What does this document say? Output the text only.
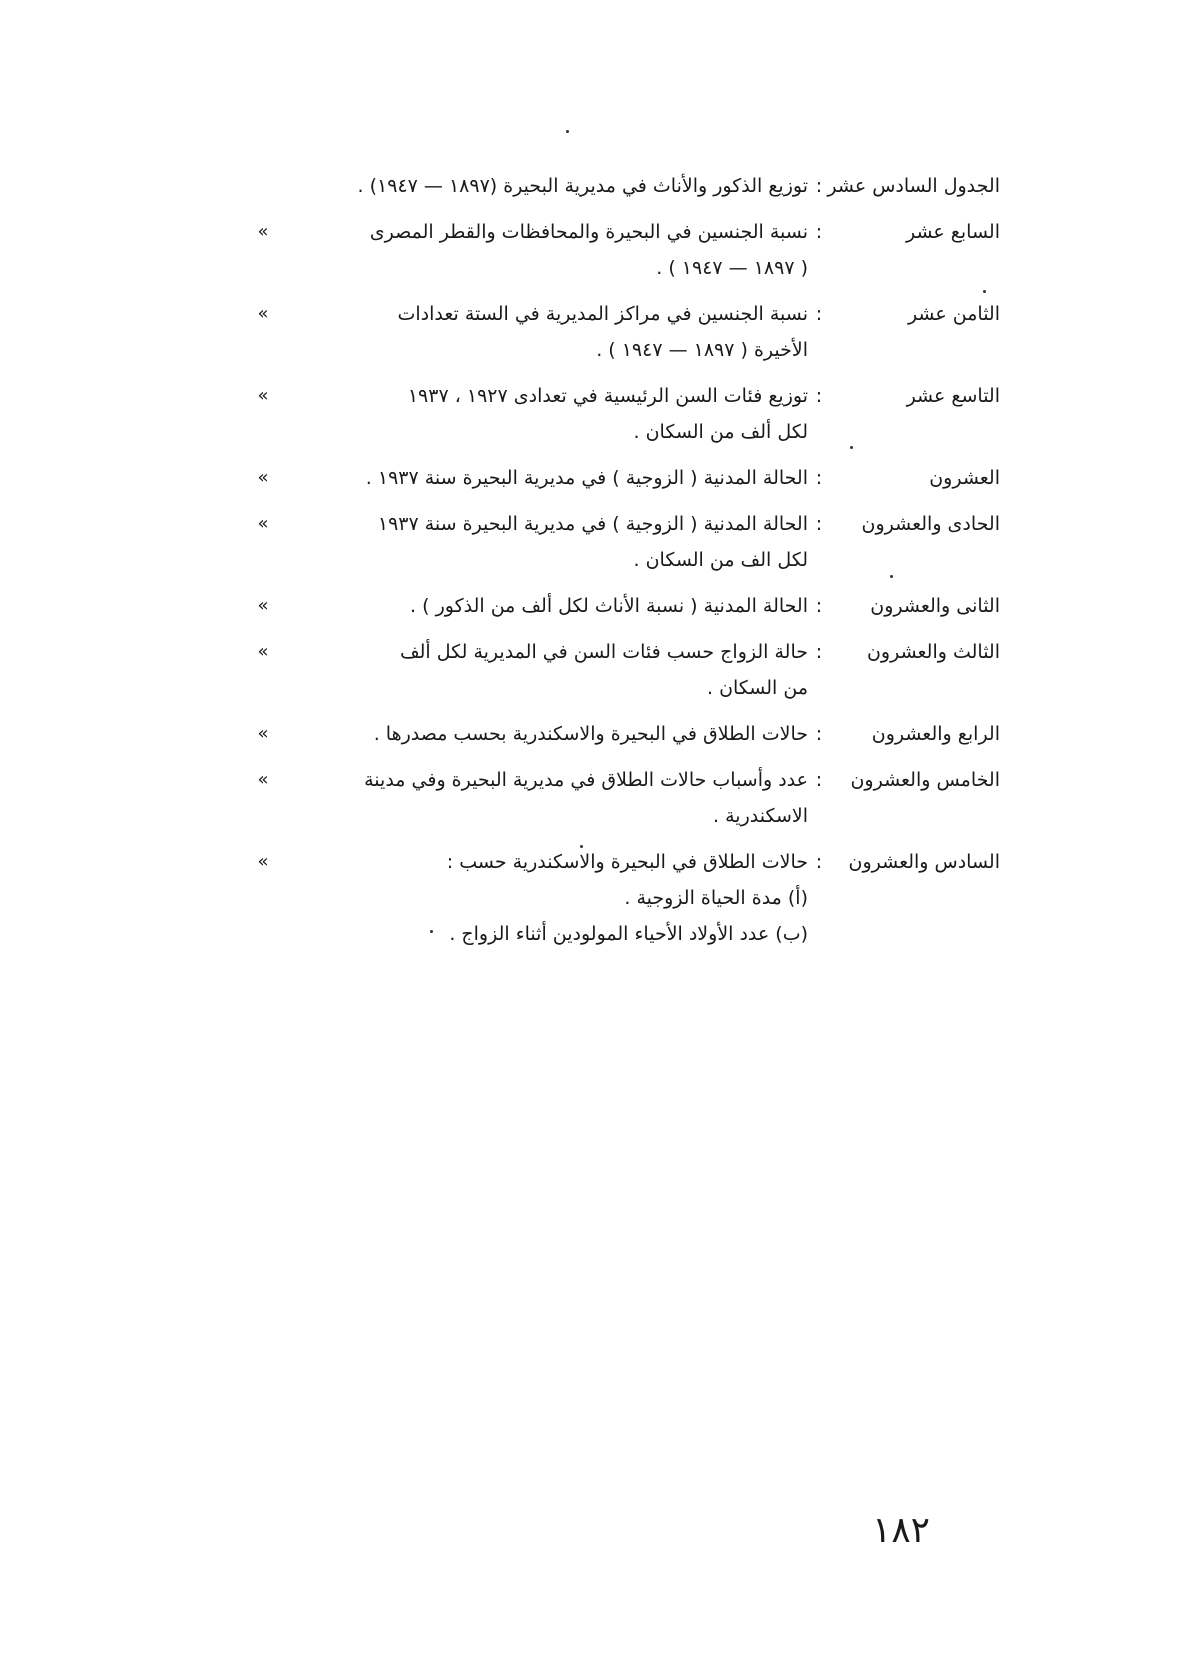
الجدول السادس عشر
:
توزيع الذكور والأناث في مديرية البحيرة (١٨٩٧ — ١٩٤٧) .
السابع عشر
:
نسبة الجنسين في البحيرة والمحافظات والقطر المصرى
( ١٨٩٧ — ١٩٤٧ ) .
»
الثامن عشر
:
نسبة الجنسين في مراكز المديرية في الستة تعدادات
الأخيرة ( ١٨٩٧ — ١٩٤٧ ) .
»
التاسع عشر
:
توزيع فئات السن الرئيسية في تعدادى ١٩٢٧ ، ١٩٣٧
لكل ألف من السكان .
»
العشرون
:
الحالة المدنية ( الزوجية ) في مديرية البحيرة سنة ١٩٣٧ .
»
الحادى والعشرون
:
الحالة المدنية ( الزوجية ) في مديرية البحيرة سنة ١٩٣٧
لكل الف من السكان .
»
الثانى والعشرون
:
الحالة المدنية ( نسبة الأناث لكل ألف من الذكور ) .
»
الثالث والعشرون
:
حالة الزواج حسب فئات السن في المديرية لكل ألف
من السكان .
»
الرابع والعشرون
:
حالات الطلاق في البحيرة والاسكندرية بحسب مصدرها .
»
الخامس والعشرون
:
عدد وأسباب حالات الطلاق في مديرية البحيرة وفي مدينة
الاسكندرية .
»
السادس والعشرون
:
حالات الطلاق في البحيرة والاسكندرية حسب :
(أ) مدة الحياة الزوجية .
(ب) عدد الأولاد الأحياء المولودين أثناء الزواج .
»
١٨٢
